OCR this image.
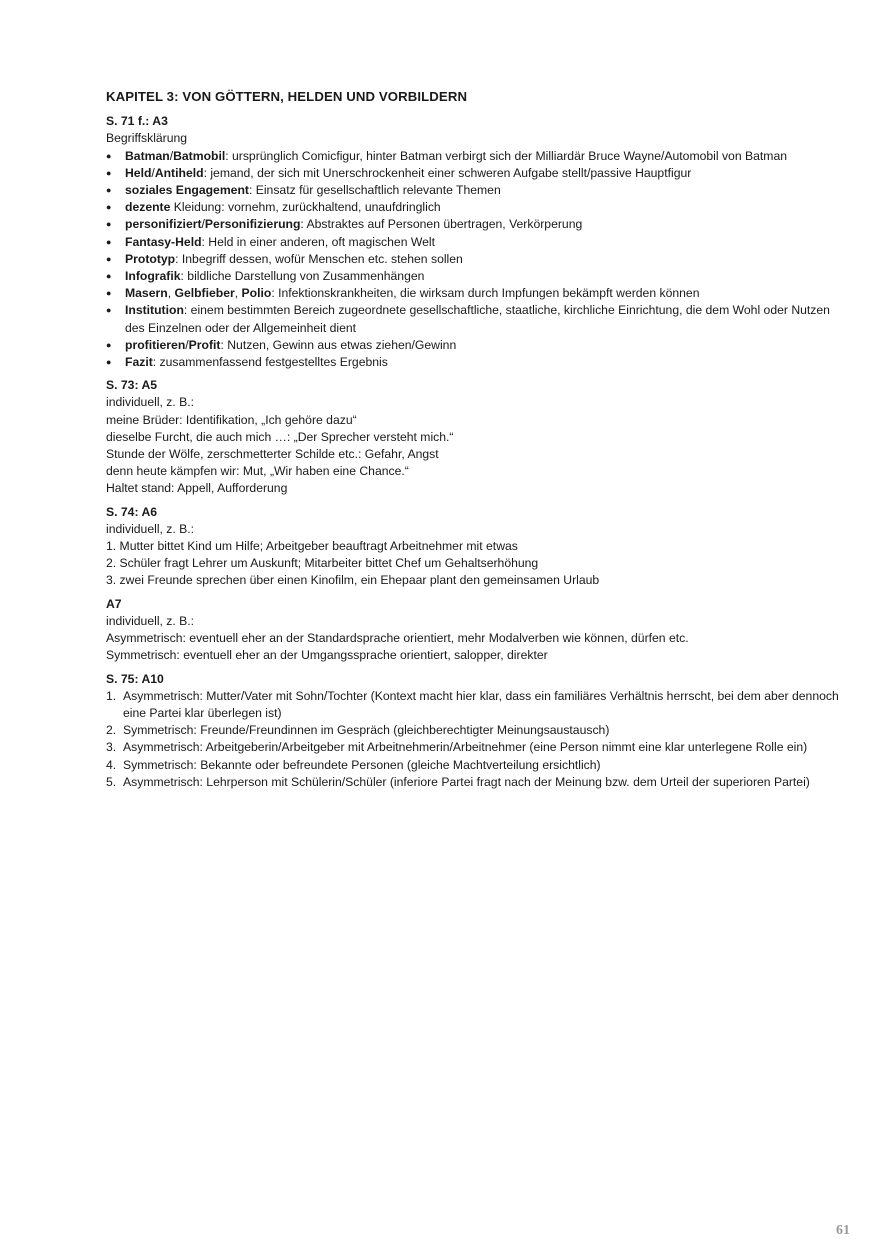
KAPITEL 3: VON GÖTTERN, HELDEN UND VORBILDERN
S. 71 f.: A3
Begriffsklärung
● Batman/Batmobil: ursprünglich Comicfigur, hinter Batman verbirgt sich der Milliardär Bruce Wayne/Automobil von Batman
● Held/Antiheld: jemand, der sich mit Unerschrockenheit einer schweren Aufgabe stellt/passive Hauptfigur
● soziales Engagement: Einsatz für gesellschaftlich relevante Themen
● dezente Kleidung: vornehm, zurückhaltend, unaufdringlich
● personifiziert/Personifizierung: Abstraktes auf Personen übertragen, Verkörperung
● Fantasy-Held: Held in einer anderen, oft magischen Welt
● Prototyp: Inbegriff dessen, wofür Menschen etc. stehen sollen
● Infografik: bildliche Darstellung von Zusammenhängen
● Masern, Gelbfieber, Polio: Infektionskrankheiten, die wirksam durch Impfungen bekämpft werden können
● Institution: einem bestimmten Bereich zugeordnete gesellschaftliche, staatliche, kirchliche Einrichtung, die dem Wohl oder Nutzen des Einzelnen oder der Allgemeinheit dient
● profitieren/Profit: Nutzen, Gewinn aus etwas ziehen/Gewinn
● Fazit: zusammenfassend festgestelltes Ergebnis
S. 73: A5
individuell, z. B.:
meine Brüder: Identifikation, „Ich gehöre dazu“
dieselbe Furcht, die auch mich …: „Der Sprecher versteht mich.“
Stunde der Wölfe, zerschmetterter Schilde etc.: Gefahr, Angst
denn heute kämpfen wir: Mut, „Wir haben eine Chance.“
Haltet stand: Appell, Aufforderung
S. 74: A6
individuell, z. B.:
1. Mutter bittet Kind um Hilfe; Arbeitgeber beauftragt Arbeitnehmer mit etwas
2. Schüler fragt Lehrer um Auskunft; Mitarbeiter bittet Chef um Gehaltserhöhung
3. zwei Freunde sprechen über einen Kinofilm, ein Ehepaar plant den gemeinsamen Urlaub
A7
individuell, z. B.:
Asymmetrisch: eventuell eher an der Standardsprache orientiert, mehr Modalverben wie können, dürfen etc.
Symmetrisch: eventuell eher an der Umgangssprache orientiert, salopper, direkter
S. 75: A10
1. Asymmetrisch: Mutter/Vater mit Sohn/Tochter (Kontext macht hier klar, dass ein familiäres Verhältnis herrscht, bei dem aber dennoch eine Partei klar überlegen ist)
2. Symmetrisch: Freunde/Freundinnen im Gespräch (gleichberechtigter Meinungsaustausch)
3. Asymmetrisch: Arbeitgeberin/Arbeitgeber mit Arbeitnehmerin/Arbeitnehmer (eine Person nimmt eine klar unterlegene Rolle ein)
4. Symmetrisch: Bekannte oder befreundete Personen (gleiche Machtverteilung ersichtlich)
5. Asymmetrisch: Lehrperson mit Schülerin/Schüler (inferiore Partei fragt nach der Meinung bzw. dem Urteil der superioren Partei)
61
